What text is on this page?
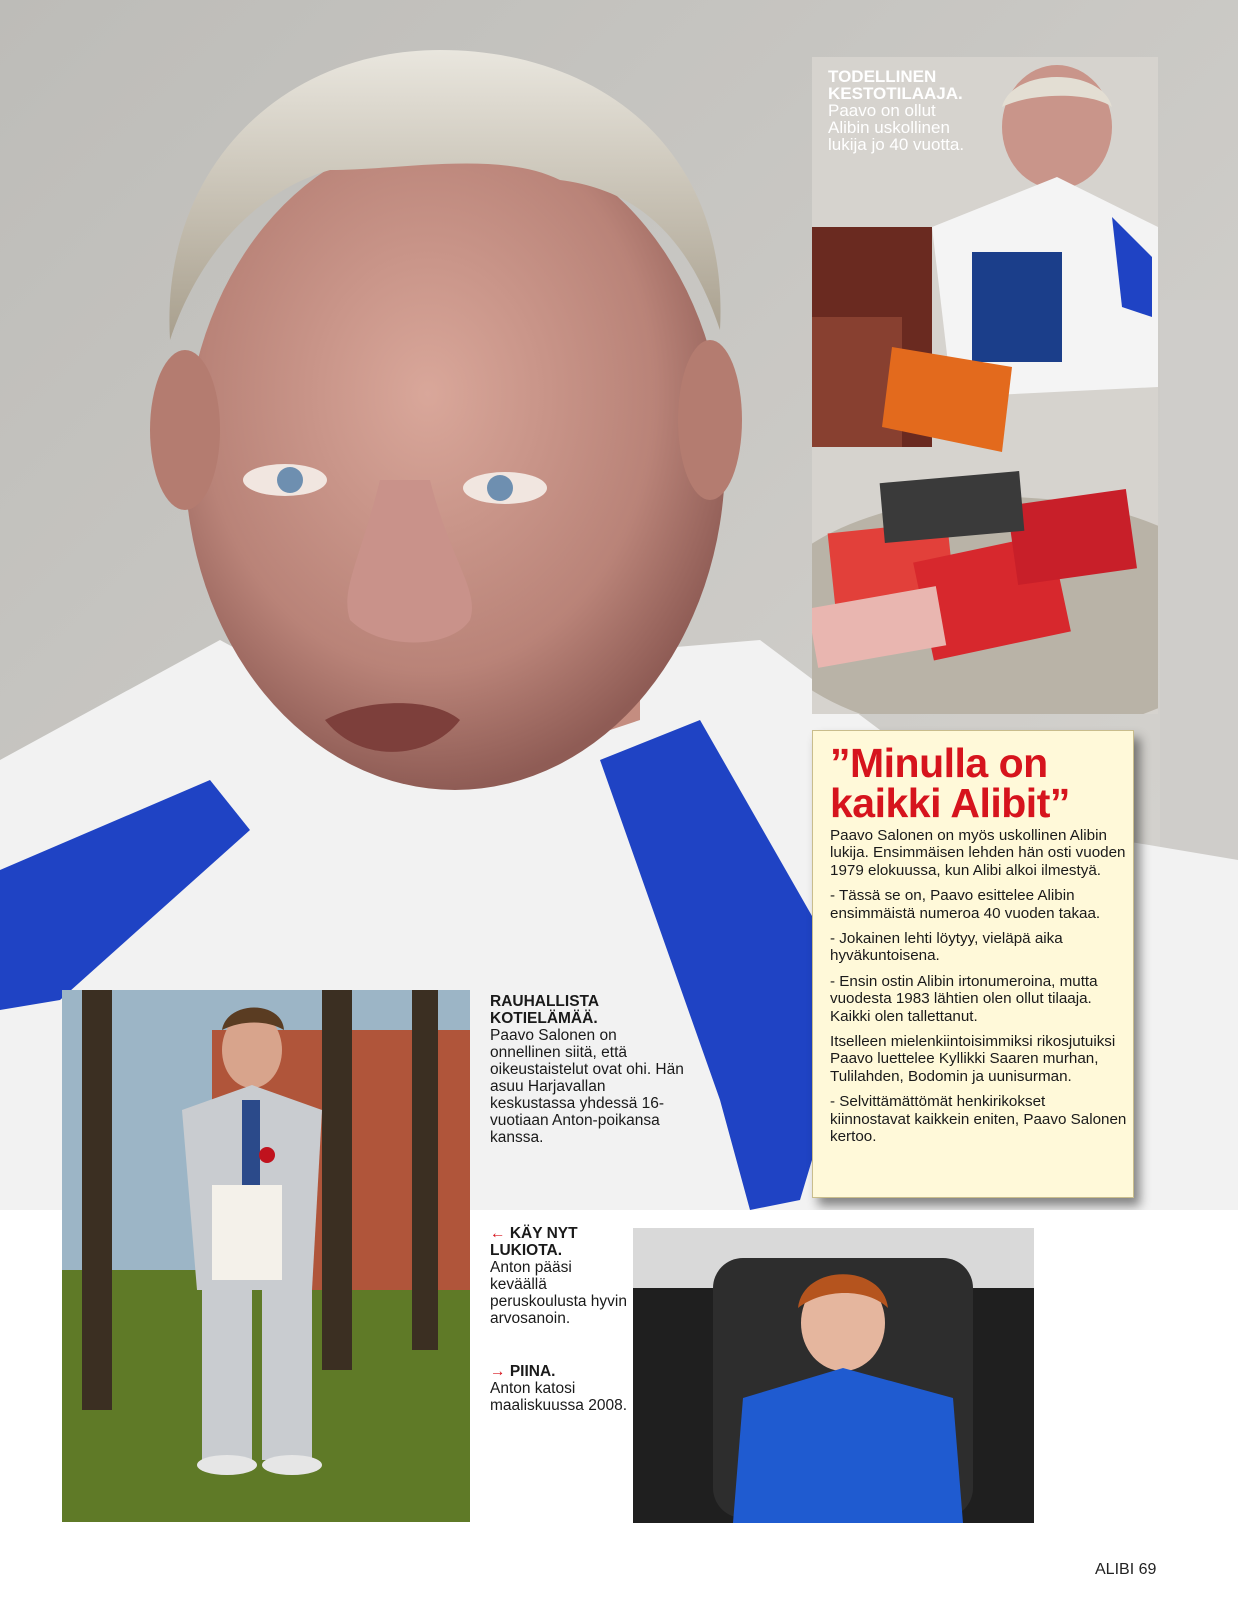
TODELLINEN KESTOTILAAJA.
Paavo on ollut
Alibin uskollinen
lukija jo 40 vuotta.
”Minulla on
kaikki Alibit”

Paavo Salonen on myös uskollinen Alibin lukija. Ensimmäisen lehden hän osti vuoden 1979 elokuussa, kun Alibi alkoi ilmestyä.

- Tässä se on, Paavo esittelee Alibin ensimmäistä numeroa 40 vuoden takaa.

- Jokainen lehti löytyy, vieläpä aika hyväkuntoisena.

- Ensin ostin Alibin irtonumeroina, mutta vuodesta 1983 lähtien olen ollut tilaaja. Kaikki olen tallettanut.

Itselleen mielenkiintoisimmiksi rikosjutuiksi Paavo luettelee Kyllikki Saaren murhan, Tulilahden, Bodomin ja uunisurman.

- Selvittämättömät henkirikokset kiinnostavat kaikkein eniten, Paavo Salonen kertoo.

RAUHALLISTA KOTIELÄMÄÄ.
Paavo Salonen on onnellinen siitä, että oikeustaistelut ovat ohi. Hän asuu Harjavallan keskustassa yhdessä 16-vuotiaan Anton-poikansa kanssa.
← KÄY NYT LUKIOTA.
Anton pääsi keväällä peruskoulusta hyvin arvosanoin.
→ PIINA.
Anton katosi maaliskuussa 2008.
ALIBI 69
